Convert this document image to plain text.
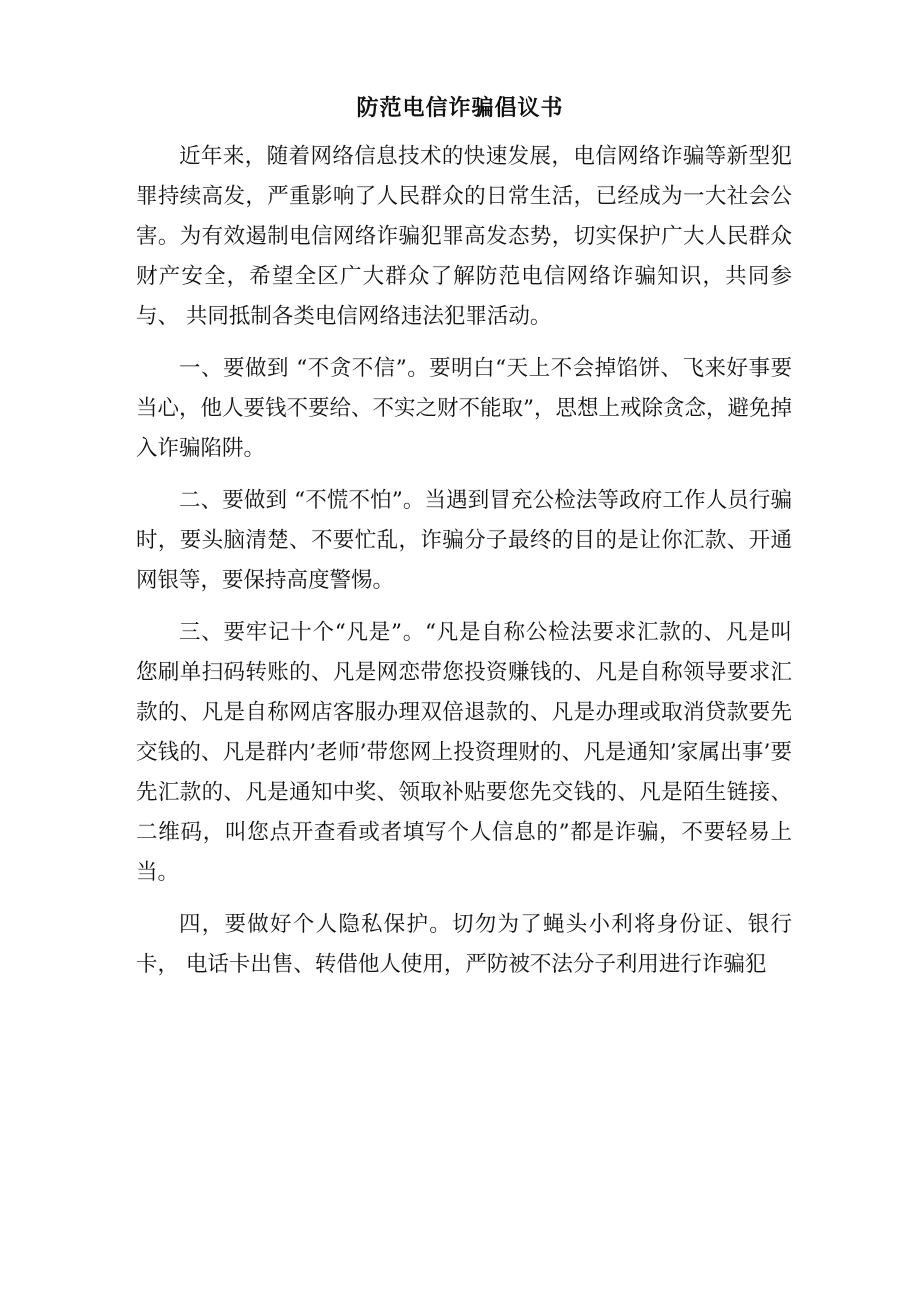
防范电信诈骗倡议书

近年来，随着网络信息技术的快速发展，电信网络诈骗等新型犯罪持续高发，严重影响了人民群众的日常生活，已经成为一大社会公害。为有效遏制电信网络诈骗犯罪高发态势，切实保护广大人民群众财产安全，希望全区广大群众了解防范电信网络诈骗知识，共同参与、 共同抵制各类电信网络违法犯罪活动。

一、要做到 “不贪不信”。要明白“天上不会掉馅饼、飞来好事要当心，他人要钱不要给、不实之财不能取”，思想上戒除贪念，避免掉入诈骗陷阱。

二、要做到 “不慌不怕”。当遇到冒充公检法等政府工作人员行骗时，要头脑清楚、不要忙乱，诈骗分子最终的目的是让你汇款、开通网银等，要保持高度警惕。

三、要牢记十个“凡是”。“凡是自称公检法要求汇款的、凡是叫您刷单扫码转账的、凡是网恋带您投资赚钱的、凡是自称领导要求汇款的、凡是自称网店客服办理双倍退款的、凡是办理或取消贷款要先交钱的、凡是群内’老师’带您网上投资理财的、凡是通知’家属出事’要先汇款的、凡是通知中奖、领取补贴要您先交钱的、凡是陌生链接、二维码，叫您点开查看或者填写个人信息的”都是诈骗，不要轻易上当。

四，要做好个人隐私保护。切勿为了蝇头小利将身份证、银行卡， 电话卡出售、转借他人使用，严防被不法分子利用进行诈骗犯
